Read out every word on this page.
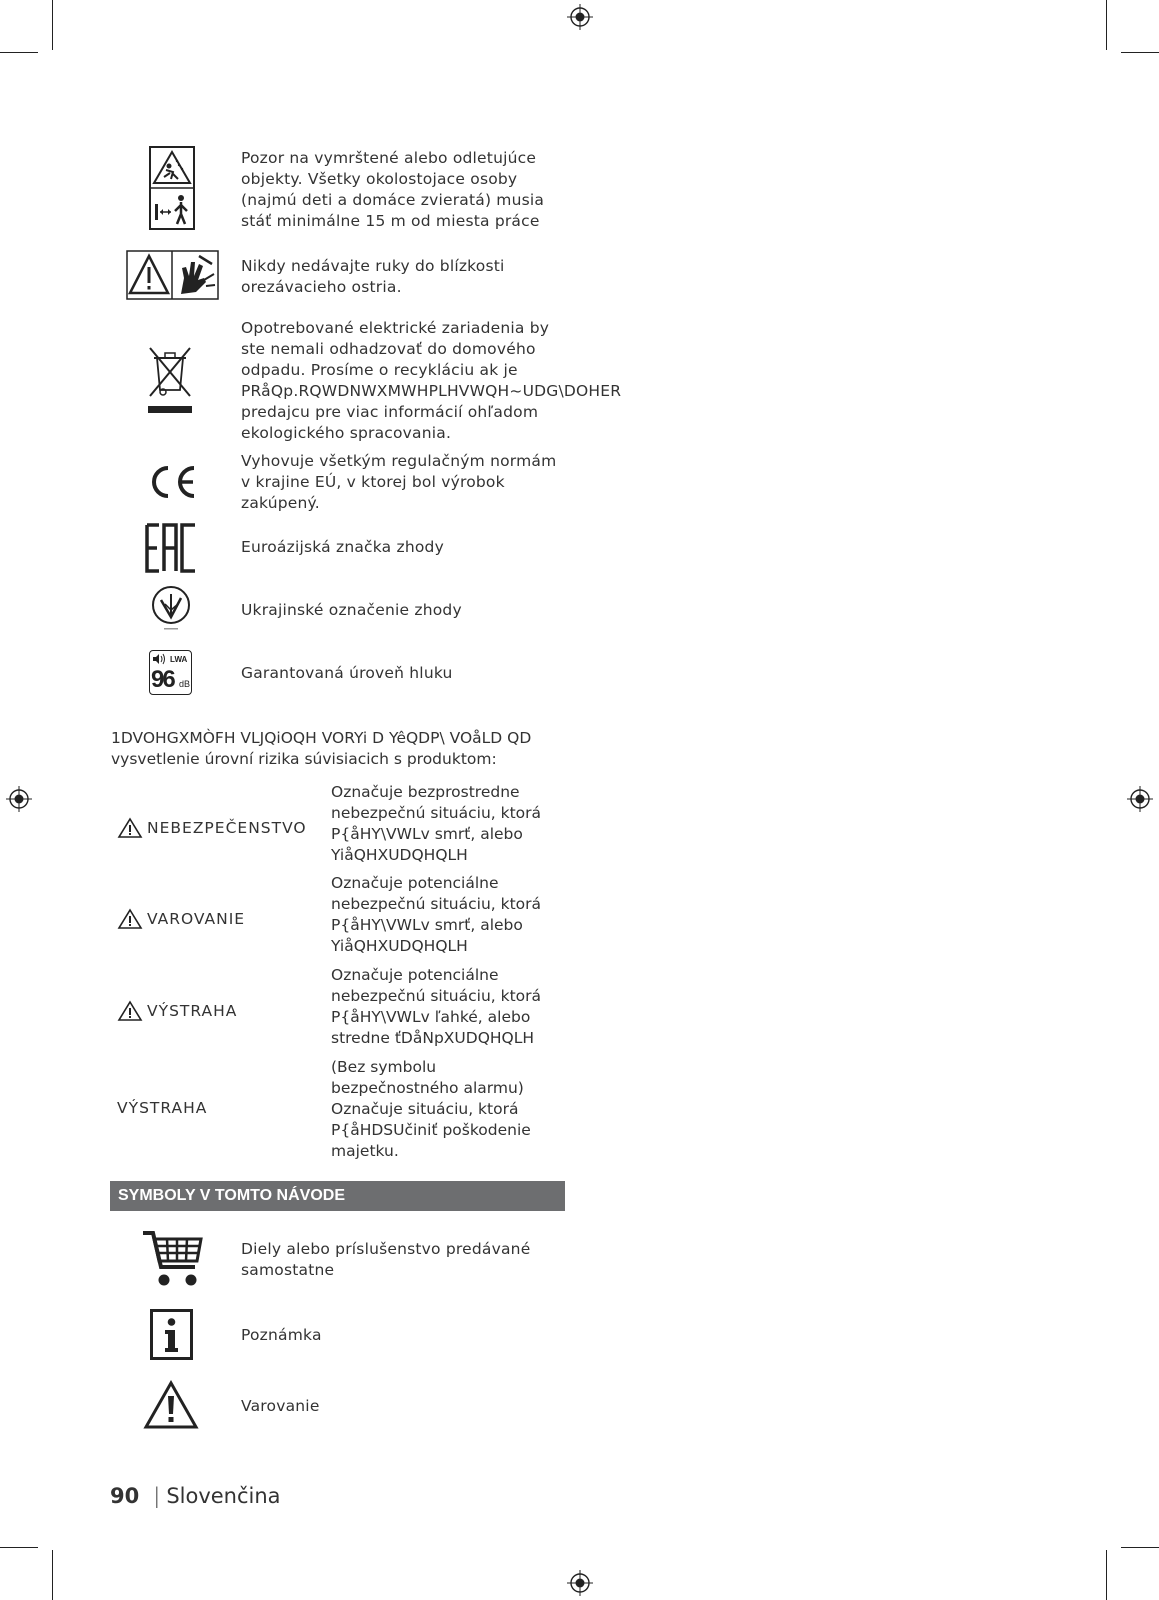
Pozor na vymrštené alebo odletujúce
objekty. Všetky okolostojace osoby
(najmú deti a domáce zvieratá) musia
stáť minimálne 15 m od miesta práce
Nikdy nedávajte ruky do blízkosti
orezávacieho ostria.
Opotrebované elektrické zariadenia by
ste nemali odhadzovať do domového
odpadu. Prosíme o recykláciu ak je
PRåQp.RQWDNWXMWHPLHVWQH~UDG\DOHER
predajcu pre viac informácií ohľadom
ekologického spracovania.
Vyhovuje všetkým regulačným normám
v krajine EÚ, v ktorej bol výrobok
zakúpený.
Euroázijská značka zhody
Ukrajinské označenie zhody
LWA
96 dB
Garantovaná úroveň hluku
1DVOHGXMÒFH VLJQiOQH VORYi D YêQDP\ VOåLD QD
vysvetlenie úrovní rizika súvisiacich s produktom:
NEBEZPEČENSTVO
Označuje bezprostredne
nebezpečnú situáciu, ktorá
P{åHY\VWLv smrť, alebo
YiåQHXUDQHQLH
VAROVANIE
Označuje potenciálne
nebezpečnú situáciu, ktorá
P{åHY\VWLv smrť, alebo
YiåQHXUDQHQLH
VÝSTRAHA
Označuje potenciálne
nebezpečnú situáciu, ktorá
P{åHY\VWLv ľahké, alebo
stredne ťDåNpXUDQHQLH
VÝSTRAHA
(Bez symbolu
bezpečnostného alarmu)
Označuje situáciu, ktorá
P{åHDSUčiniť poškodenie
majetku.
SYMBOLY V TOMTO NÁVODE
Diely alebo príslušenstvo predávané
samostatne
Poznámka
Varovanie
90 | Slovenčina
